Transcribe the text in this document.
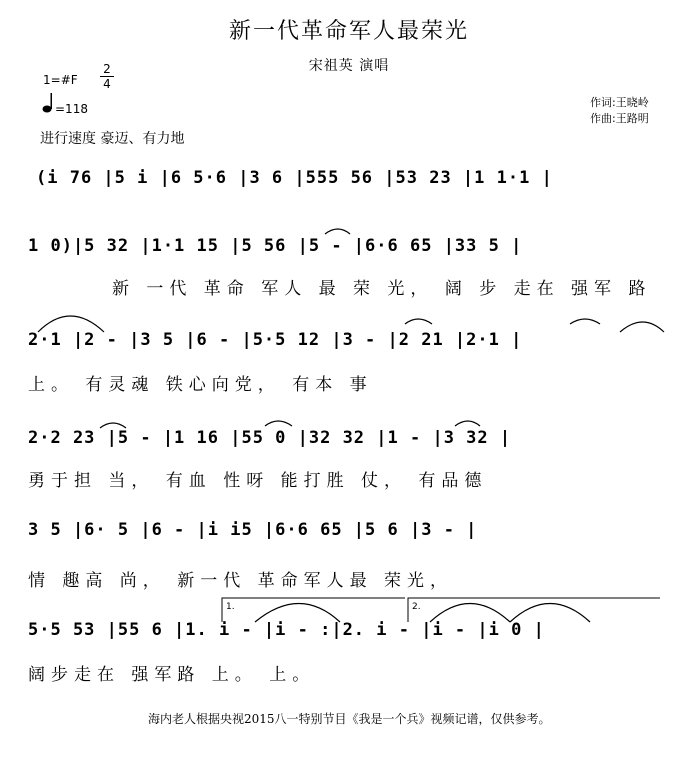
新一代革命军人最荣光
宋祖英 演唱
1=#F
2
4
=118
进行速度 豪迈、有力地
作词:王晓岭
作曲:王路明
(i 76 |5 i |6 5·6 |3 6 |555 56 |53 23 |1 1·1 |
1 0)|5 32 |1·1 15 |5 56 |5 - |6·6 65 |33 5 |
新 一代 革命 军人 最 荣 光， 阔 步 走在 强军 路
2·1 |2 - |3 5 |6 - |5·5 12 |3 - |2 21 |2·1 |
上。 有灵魂 铁心向党， 有本 事
2·2 23 |5 - |1 16 |55 0 |32 32 |1 - |3 32 |
勇于担 当， 有血 性呀 能打胜 仗， 有品德
3 5 |6· 5 |6 - |i i5 |6·6 65 |5 6 |3 - |
情 趣高 尚， 新一代 革命军人最 荣光，
5·5 53 |55 6 |1. i - |i - :|2. i - |i - |i 0 |
阔步走在 强军路 上。 上。
1.	2.
海内老人根据央视2015八一特别节目《我是一个兵》视频记谱，仅供参考。
